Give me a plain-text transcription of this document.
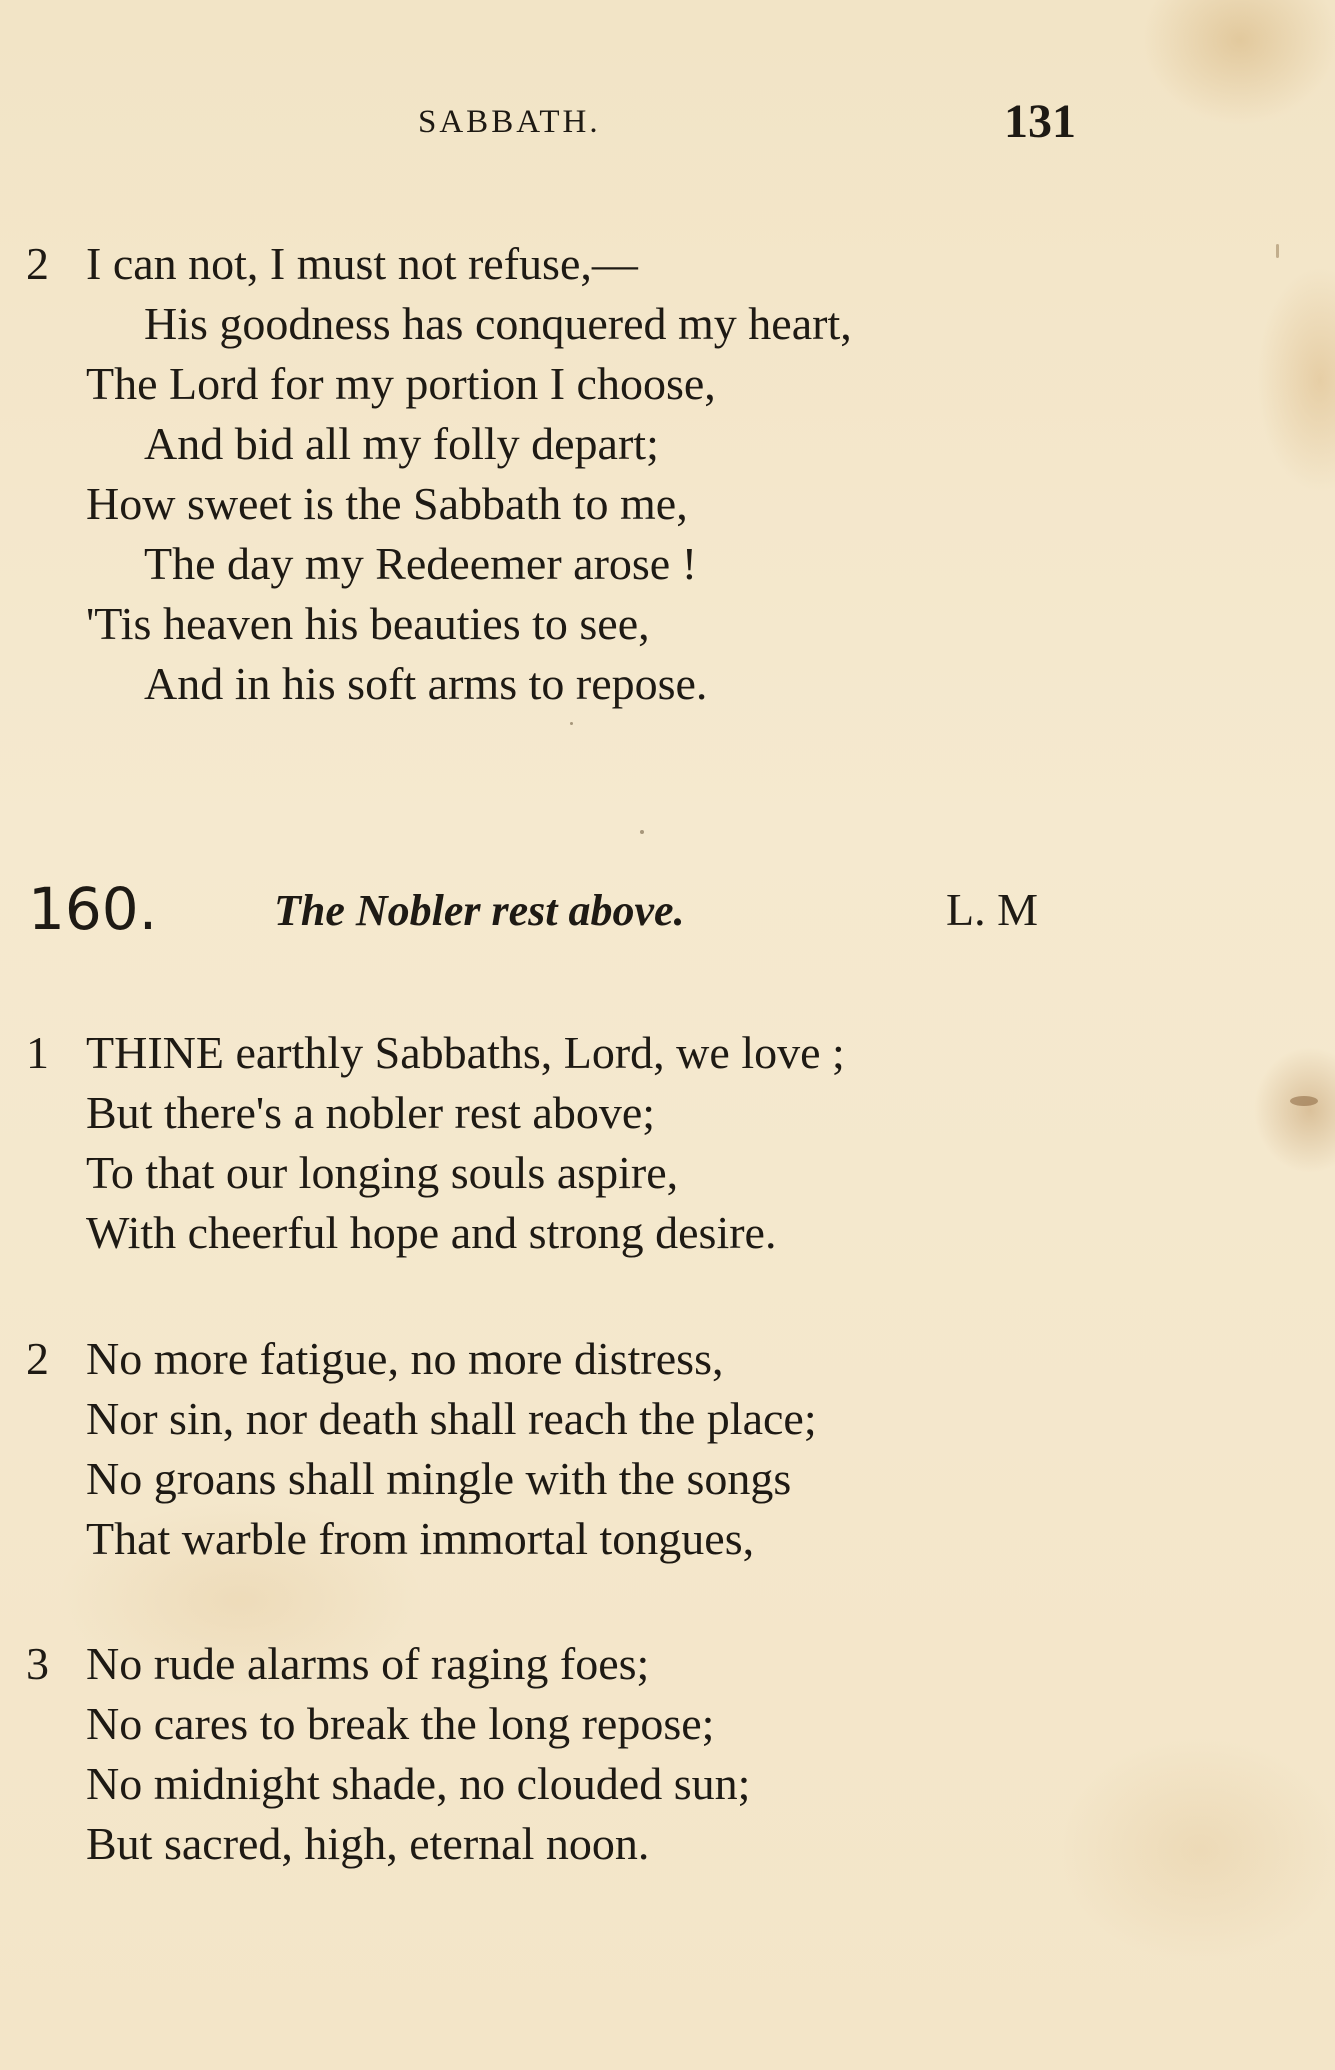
SABBATH.	131
2 I can not, I must not refuse,—
His goodness has conquered my heart,
The Lord for my portion I choose,
And bid all my folly depart;
How sweet is the Sabbath to me,
The day my Redeemer arose !
'Tis heaven his beauties to see,
And in his soft arms to repose.
160.	The Nobler rest above.	L. M
1 THINE earthly Sabbaths, Lord, we love ;
But there's a nobler rest above;
To that our longing souls aspire,
With cheerful hope and strong desire.
2 No more fatigue, no more distress,
Nor sin, nor death shall reach the place;
No groans shall mingle with the songs
That warble from immortal tongues,
3 No rude alarms of raging foes;
No cares to break the long repose;
No midnight shade, no clouded sun;
But sacred, high, eternal noon.
